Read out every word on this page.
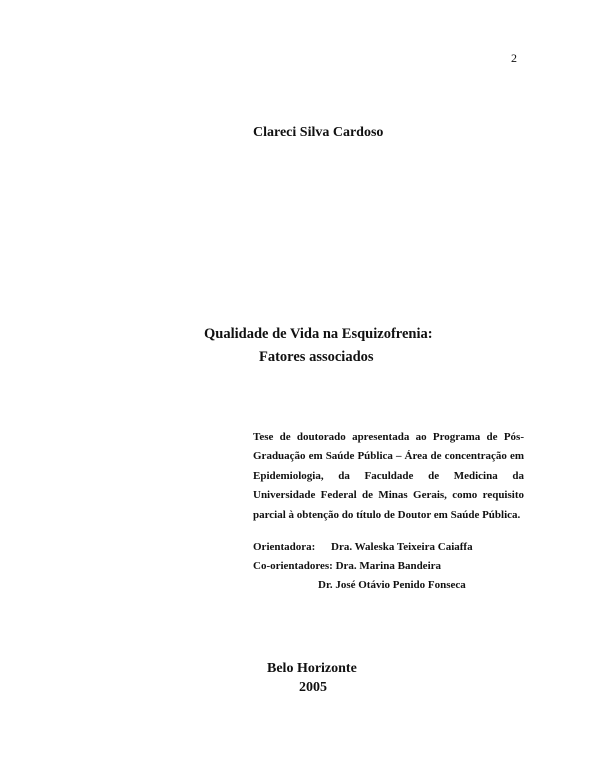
2
Clareci Silva Cardoso
Qualidade de Vida na Esquizofrenia:
Fatores associados
Tese de doutorado apresentada ao Programa de Pós-Graduação em Saúde Pública – Área de concentração em Epidemiologia, da Faculdade de Medicina da Universidade Federal de Minas Gerais, como requisito parcial à obtenção do título de Doutor em Saúde Pública.
Orientadora: Dra. Waleska Teixeira Caiaffa
Co-orientadores: Dra. Marina Bandeira
Dr. José Otávio Penido Fonseca
Belo Horizonte
2005
